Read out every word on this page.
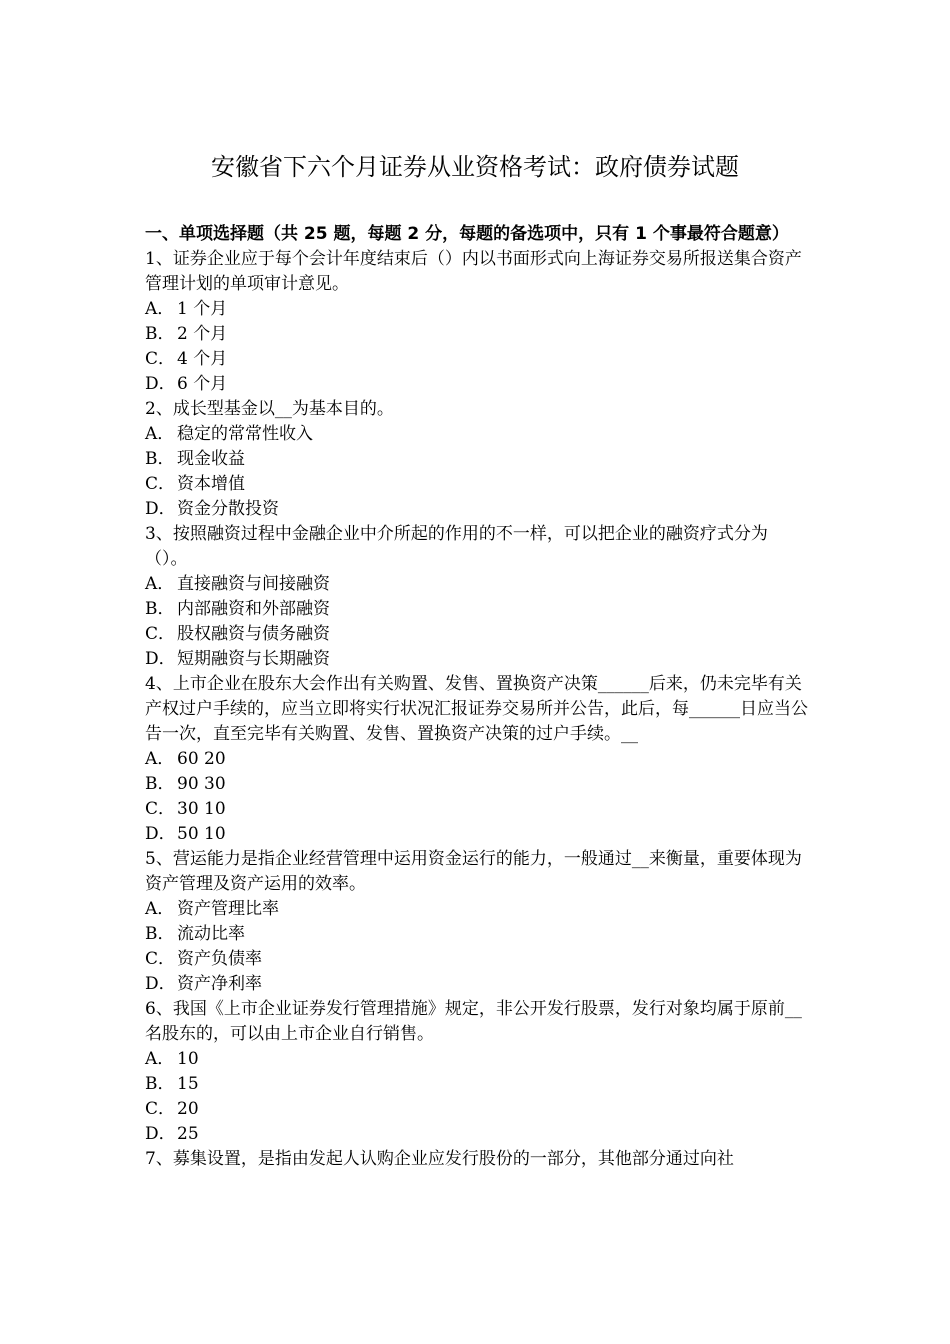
安徽省下六个月证券从业资格考试：政府债券试题
一、单项选择题（共 25 题，每题 2 分，每题的备选项中，只有 1 个事最符合题意）
1、证券企业应于每个会计年度结束后（）内以书面形式向上海证券交易所报送集合资产管理计划的单项审计意见。
A． 1 个月
B． 2 个月
C． 4 个月
D．6 个月
2、成长型基金以__为基本目的。
A． 稳定的常常性收入
B． 现金收益
C． 资本增值
D．资金分散投资
3、按照融资过程中金融企业中介所起的作用的不一样，可以把企业的融资疗式分为（）。
A． 直接融资与间接融资
B． 内部融资和外部融资
C． 股权融资与债务融资
D．短期融资与长期融资
4、上市企业在股东大会作出有关购置、发售、置换资产决策______后来，仍未完毕有关产权过户手续的，应当立即将实行状况汇报证券交易所并公告，此后，每______日应当公告一次，直至完毕有关购置、发售、置换资产决策的过户手续。__
A． 60 20
B． 90 30
C． 30 10
D．50 10
5、营运能力是指企业经营管理中运用资金运行的能力，一般通过__来衡量，重要体现为资产管理及资产运用的效率。
A． 资产管理比率
B． 流动比率
C． 资产负债率
D．资产净利率
6、我国《上市企业证券发行管理措施》规定，非公开发行股票，发行对象均属于原前__名股东的，可以由上市企业自行销售。
A． 10
B． 15
C． 20
D．25
7、募集设置，是指由发起人认购企业应发行股份的一部分，其他部分通过向社
